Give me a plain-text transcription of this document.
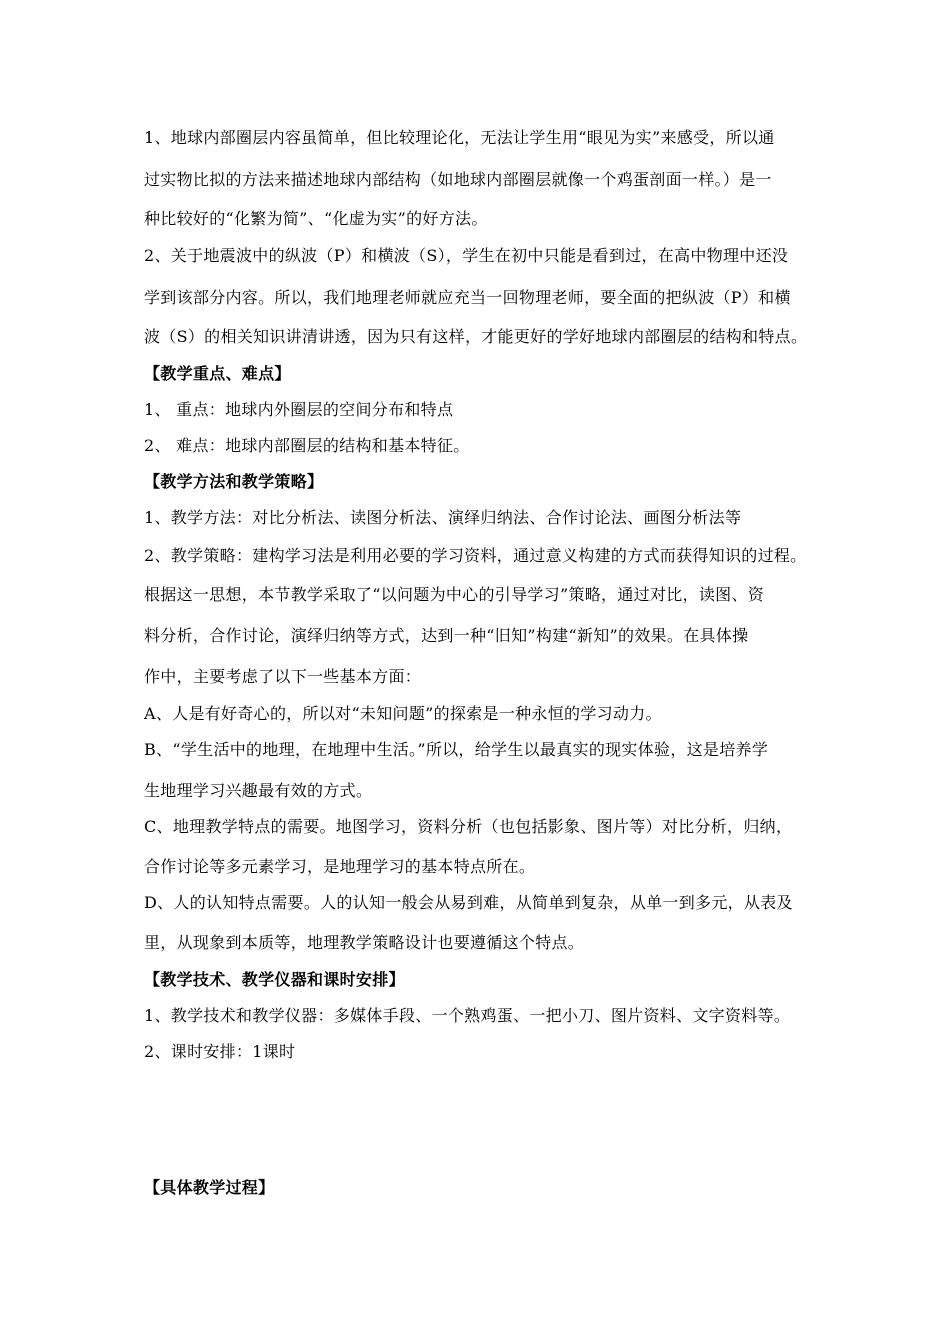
1、地球内部圈层内容虽简单，但比较理论化，无法让学生用“眼见为实”来感受，所以通
过实物比拟的方法来描述地球内部结构（如地球内部圈层就像一个鸡蛋剖面一样。）是一
种比较好的“化繁为简”、“化虚为实”的好方法。
2、关于地震波中的纵波（P）和横波（S），学生在初中只能是看到过，在高中物理中还没
学到该部分内容。所以，我们地理老师就应充当一回物理老师，要全面的把纵波（P）和横
波（S）的相关知识讲清讲透，因为只有这样，才能更好的学好地球内部圈层的结构和特点。
【教学重点、难点】
1、 重点：地球内外圈层的空间分布和特点
2、 难点：地球内部圈层的结构和基本特征。
【教学方法和教学策略】
1、教学方法：对比分析法、读图分析法、演绎归纳法、合作讨论法、画图分析法等
2、教学策略：建构学习法是利用必要的学习资料，通过意义构建的方式而获得知识的过程。
根据这一思想，本节教学采取了“以问题为中心的引导学习”策略，通过对比，读图、资
料分析，合作讨论，演绎归纳等方式，达到一种“旧知”构建“新知”的效果。在具体操
作中，主要考虑了以下一些基本方面：
A、人是有好奇心的，所以对“未知问题”的探索是一种永恒的学习动力。
B、“学生活中的地理，在地理中生活。”所以，给学生以最真实的现实体验，这是培养学
生地理学习兴趣最有效的方式。
C、地理教学特点的需要。地图学习，资料分析（也包括影象、图片等）对比分析，归纳，
合作讨论等多元素学习，是地理学习的基本特点所在。
D、人的认知特点需要。人的认知一般会从易到难，从简单到复杂，从单一到多元，从表及
里，从现象到本质等，地理教学策略设计也要遵循这个特点。
【教学技术、教学仪器和课时安排】
1、教学技术和教学仪器：多媒体手段、一个熟鸡蛋、一把小刀、图片资料、文字资料等。
2、课时安排：1课时
【具体教学过程】
